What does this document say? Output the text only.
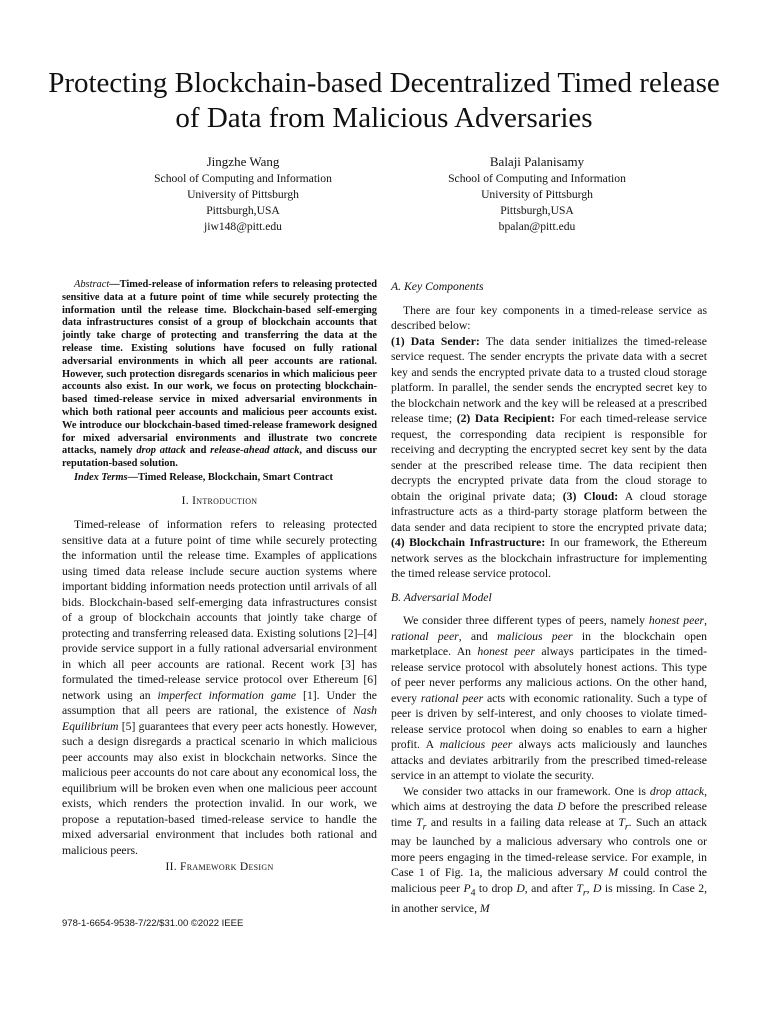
Protecting Blockchain-based Decentralized Timed release of Data from Malicious Adversaries
Jingzhe Wang
School of Computing and Information
University of Pittsburgh
Pittsburgh,USA
jiw148@pitt.edu
Balaji Palanisamy
School of Computing and Information
University of Pittsburgh
Pittsburgh,USA
bpalan@pitt.edu

Abstract—Timed-release of information refers to releasing protected sensitive data at a future point of time while securely protecting the information until the release time. Blockchain-based self-emerging data infrastructures consist of a group of blockchain accounts that jointly take charge of protecting and transferring the data at the release time. Existing solutions have focused on fully rational adversarial environments in which all peer accounts are rational. However, such protection disregards scenarios in which malicious peer accounts also exist. In our work, we focus on protecting blockchain-based timed-release service in mixed adversarial environments in which both rational peer accounts and malicious peer accounts exist. We introduce our blockchain-based timed-release framework designed for mixed adversarial environments and illustrate two concrete attacks, namely drop attack and release-ahead attack, and discuss our reputation-based solution.

Index Terms—Timed Release, Blockchain, Smart Contract

I. Introduction

Timed-release of information refers to releasing protected sensitive data at a future point of time while securely protecting the information until the release time. Examples of applications using timed data release include secure auction systems where important bidding information needs protection until arrivals of all bids. Blockchain-based self-emerging data infrastructures consist of a group of blockchain accounts that jointly take charge of protecting and transferring released data. Existing solutions [2]–[4] provide service support in a fully rational adversarial environment in which all peer accounts are rational. Recent work [3] has formulated the timed-release service protocol over Ethereum [6] network using an imperfect information game [1]. Under the assumption that all peers are rational, the existence of Nash Equilibrium [5] guarantees that every peer acts honestly. However, such a design disregards a practical scenario in which malicious peer accounts may also exist in blockchain networks. Since the malicious peer accounts do not care about any economical loss, the equilibrium will be broken even when one malicious peer account exists, which renders the protection invalid. In our work, we propose a reputation-based timed-release service to handle the mixed adversarial environment that includes both rational and malicious peers.

II. Framework Design
A. Key Components

There are four key components in a timed-release service as described below:

(1) Data Sender: The data sender initializes the timed-release service request. The sender encrypts the private data with a secret key and sends the encrypted private data to a trusted cloud storage platform. In parallel, the sender sends the encrypted secret key to the blockchain network and the key will be released at a prescribed release time; (2) Data Recipient: For each timed-release service request, the corresponding data recipient is responsible for receiving and decrypting the encrypted secret key sent by the data sender at the prescribed release time. The data recipient then decrypts the encrypted private data from the cloud storage to obtain the original private data; (3) Cloud: A cloud storage infrastructure acts as a third-party storage platform between the data sender and data recipient to store the encrypted private data; (4) Blockchain Infrastructure: In our framework, the Ethereum network serves as the blockchain infrastructure for implementing the timed release service protocol.

B. Adversarial Model

We consider three different types of peers, namely honest peer, rational peer, and malicious peer in the blockchain open marketplace. An honest peer always participates in the timed-release service protocol with absolutely honest actions. This type of peer never performs any malicious actions. On the other hand, every rational peer acts with economic rationality. Such a type of peer is driven by self-interest, and only chooses to violate timed-release service protocol when doing so enables to earn a higher profit. A malicious peer always acts maliciously and launches attacks and deviates arbitrarily from the prescribed timed-release service in an attempt to violate the security.

We consider two attacks in our framework. One is drop attack, which aims at destroying the data D before the prescribed release time $T_r$ and results in a failing data release at $T_r$. Such an attack may be launched by a malicious adversary who controls one or more peers engaging in the timed-release service. For example, in Case 1 of Fig. 1a, the malicious adversary M could control the malicious peer $P_4$ to drop D, and after $T_r$, D is missing. In Case 2, in another service, M

978-1-6654-9538-7/22/$31.00 ©2022 IEEE
